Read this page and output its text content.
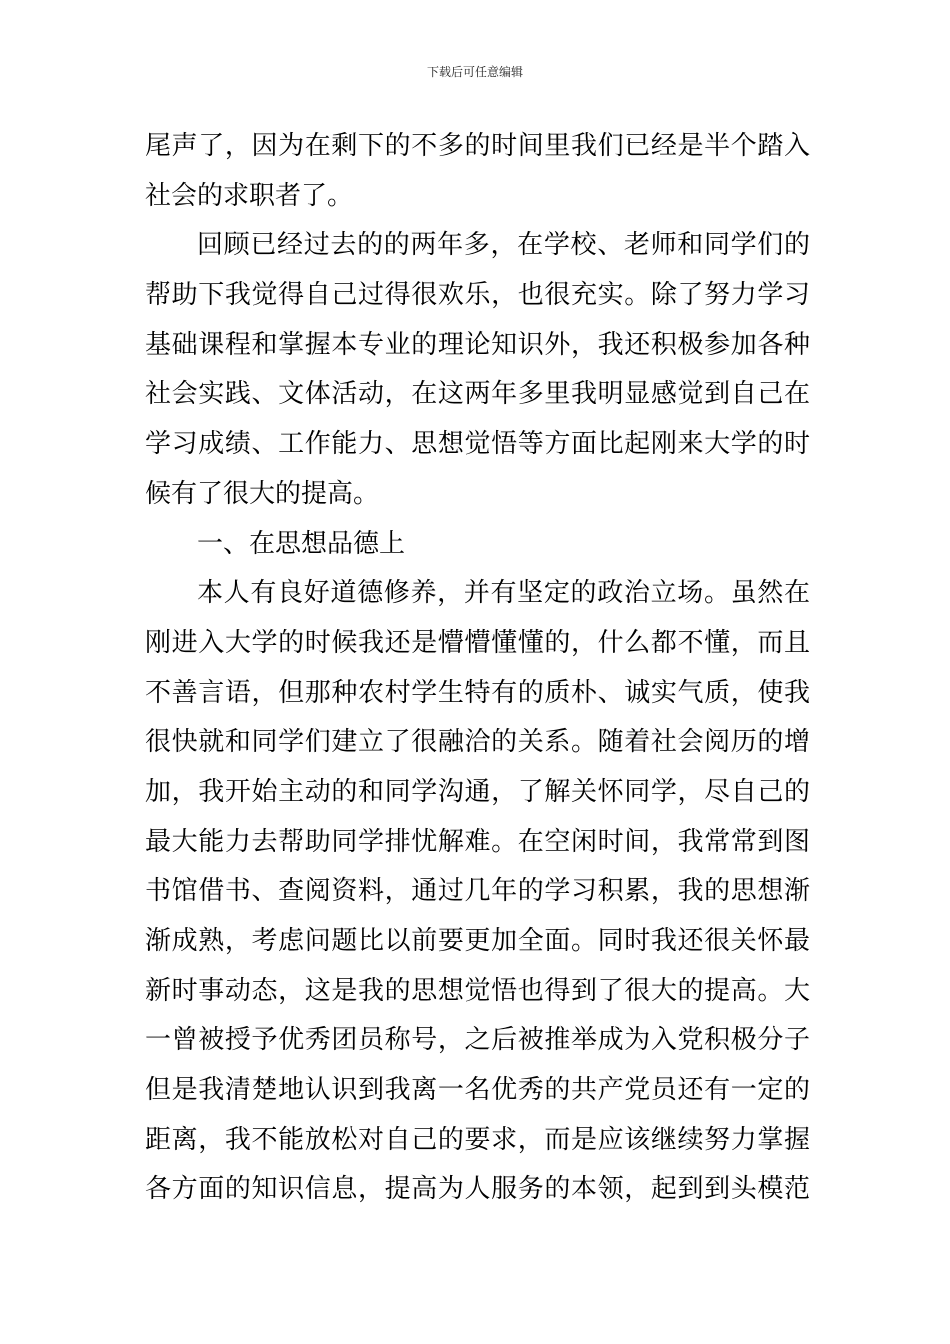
下载后可任意编辑
尾声了，因为在剩下的不多的时间里我们已经是半个踏入
社会的求职者了。
回顾已经过去的的两年多，在学校、老师和同学们的
帮助下我觉得自己过得很欢乐，也很充实。除了努力学习
基础课程和掌握本专业的理论知识外，我还积极参加各种
社会实践、文体活动，在这两年多里我明显感觉到自己在
学习成绩、工作能力、思想觉悟等方面比起刚来大学的时
候有了很大的提高。
一、在思想品德上
本人有良好道德修养，并有坚定的政治立场。虽然在
刚进入大学的时候我还是懵懵懂懂的，什么都不懂，而且
不善言语，但那种农村学生特有的质朴、诚实气质，使我
很快就和同学们建立了很融洽的关系。随着社会阅历的增
加，我开始主动的和同学沟通，了解关怀同学，尽自己的
最大能力去帮助同学排忧解难。在空闲时间，我常常到图
书馆借书、查阅资料，通过几年的学习积累，我的思想渐
渐成熟，考虑问题比以前要更加全面。同时我还很关怀最
新时事动态，这是我的思想觉悟也得到了很大的提高。大
一曾被授予优秀团员称号，之后被推举成为入党积极分子
但是我清楚地认识到我离一名优秀的共产党员还有一定的
距离，我不能放松对自己的要求，而是应该继续努力掌握
各方面的知识信息，提高为人服务的本领，起到到头模范
